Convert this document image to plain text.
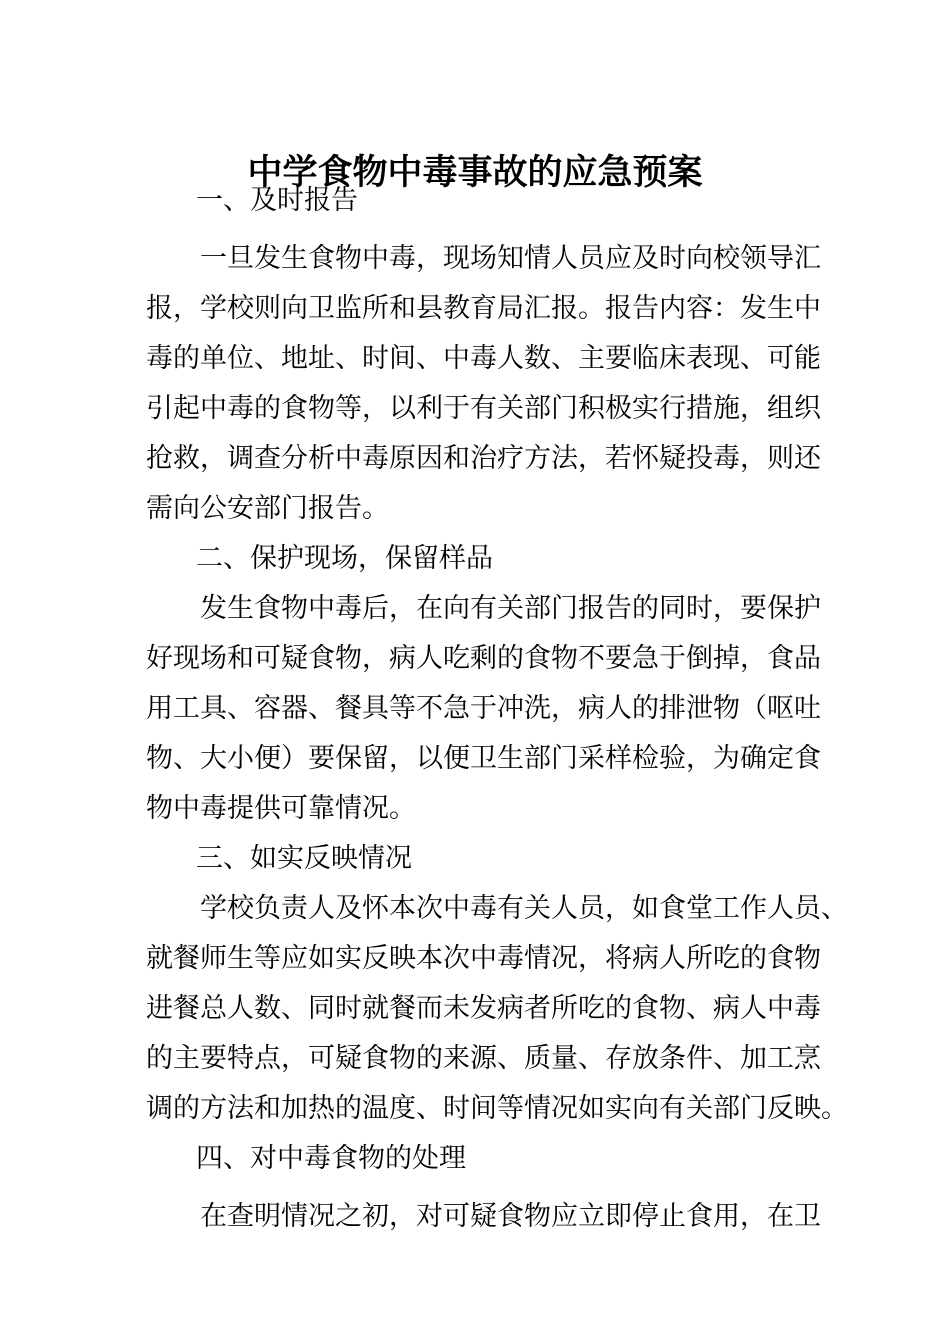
中学食物中毒事故的应急预案

一、及时报告

一旦发生食物中毒，现场知情人员应及时向校领导汇
报，学校则向卫监所和县教育局汇报。报告内容：发生中
毒的单位、地址、时间、中毒人数、主要临床表现、可能
引起中毒的食物等，以利于有关部门积极实行措施，组织
抢救，调查分析中毒原因和治疗方法，若怀疑投毒，则还
需向公安部门报告。

二、保护现场，保留样品

发生食物中毒后，在向有关部门报告的同时，要保护
好现场和可疑食物，病人吃剩的食物不要急于倒掉，食品
用工具、容器、餐具等不急于冲洗，病人的排泄物（呕吐
物、大小便）要保留，以便卫生部门采样检验，为确定食
物中毒提供可靠情况。

三、如实反映情况

学校负责人及怀本次中毒有关人员，如食堂工作人员、
就餐师生等应如实反映本次中毒情况，将病人所吃的食物
进餐总人数、同时就餐而未发病者所吃的食物、病人中毒
的主要特点，可疑食物的来源、质量、存放条件、加工烹
调的方法和加热的温度、时间等情况如实向有关部门反映。

四、对中毒食物的处理

在查明情况之初，对可疑食物应立即停止食用，在卫
